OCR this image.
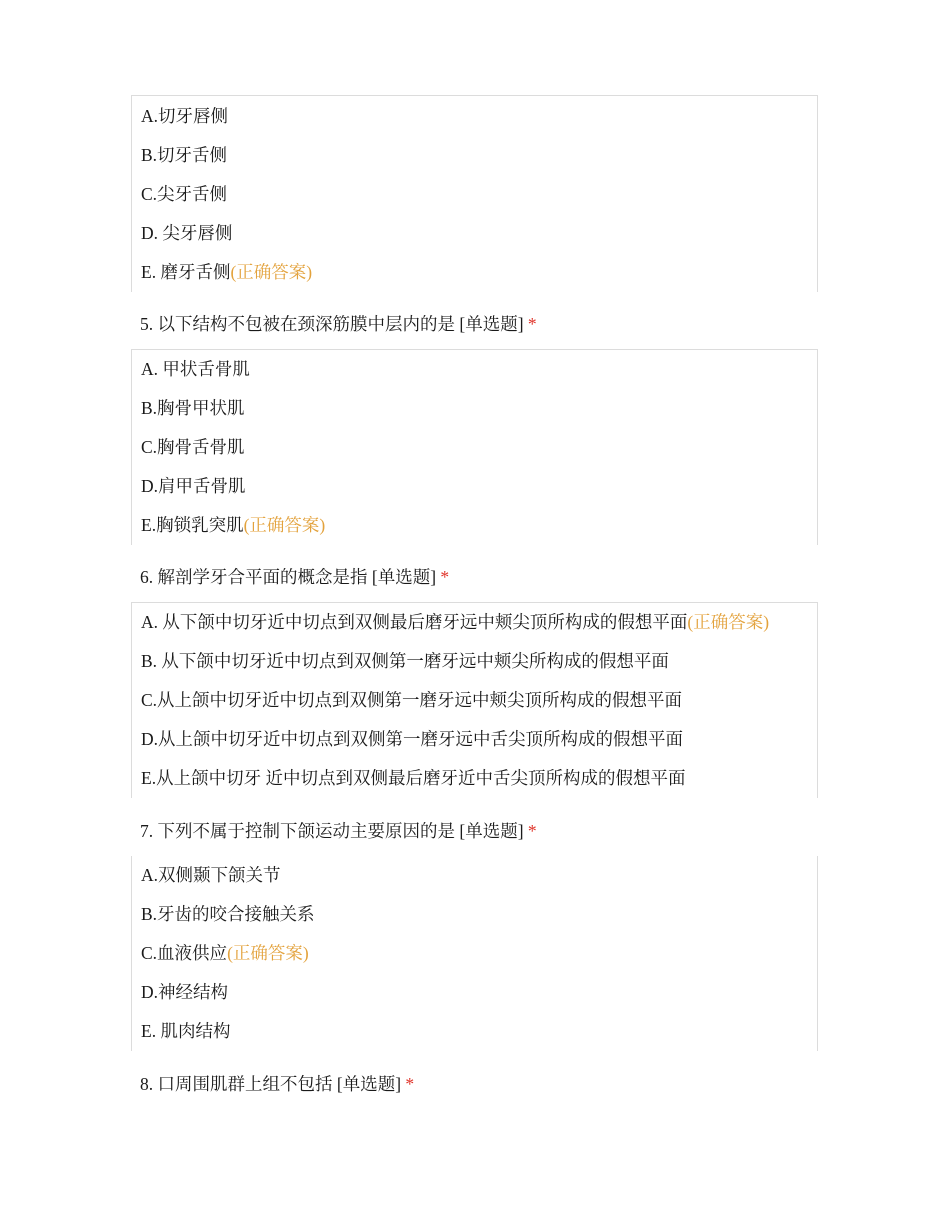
A.切牙唇侧
B.切牙舌侧
C.尖牙舌侧
D. 尖牙唇侧
E. 磨牙舌侧(正确答案)
5. 以下结构不包被在颈深筋膜中层内的是 [单选题] *
A. 甲状舌骨肌
B.胸骨甲状肌
C.胸骨舌骨肌
D.肩甲舌骨肌
E.胸锁乳突肌(正确答案)
6. 解剖学牙合平面的概念是指 [单选题] *
A. 从下颌中切牙近中切点到双侧最后磨牙远中颊尖顶所构成的假想平面(正确答案)
B. 从下颌中切牙近中切点到双侧第一磨牙远中颊尖所构成的假想平面
C.从上颌中切牙近中切点到双侧第一磨牙远中颊尖顶所构成的假想平面
D.从上颌中切牙近中切点到双侧第一磨牙远中舌尖顶所构成的假想平面
E.从上颌中切牙 近中切点到双侧最后磨牙近中舌尖顶所构成的假想平面
7. 下列不属于控制下颌运动主要原因的是 [单选题] *
A.双侧颞下颌关节
B.牙齿的咬合接触关系
C.血液供应(正确答案)
D.神经结构
E. 肌肉结构
8. 口周围肌群上组不包括 [单选题] *
